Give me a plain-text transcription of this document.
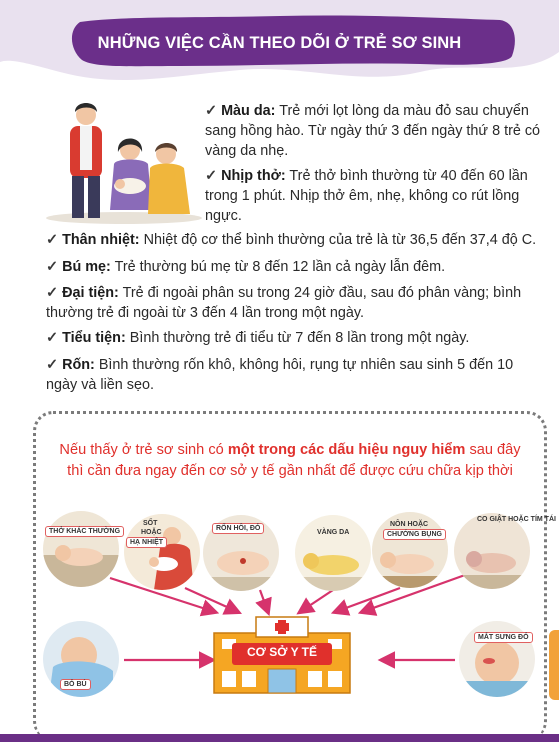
NHỮNG VIỆC CẦN THEO DÕI Ở TRẺ SƠ SINH
✓ Màu da: Trẻ mới lọt lòng da màu đỏ sau chuyển sang hồng hào. Từ ngày thứ 3 đến ngày thứ 8 trẻ có vàng da nhẹ.
✓ Nhịp thở: Trẻ thở bình thường từ 40 đến 60 lần trong 1 phút. Nhịp thở êm, nhẹ, không co rút lồng ngực.
✓ Thân nhiệt: Nhiệt độ cơ thể bình thường của trẻ là từ 36,5 đến 37,4 độ C.
✓ Bú mẹ: Trẻ thường bú mẹ từ 8 đến 12 lần cả ngày lẫn đêm.
✓ Đại tiện: Trẻ đi ngoài phân su trong 24 giờ đầu, sau đó phân vàng; bình thường trẻ đi ngoài từ 3 đến 4 lần trong một ngày.
✓ Tiểu tiện: Bình thường trẻ đi tiểu từ 7 đến 8 lần trong một ngày.
✓ Rốn: Bình thường rốn khô, không hôi, rụng tự nhiên sau sinh 5 đến 10 ngày và liền sẹo.
Nếu thấy ở trẻ sơ sinh có một trong các dấu hiệu nguy hiểm sau đây
thì cần đưa ngay đến cơ sở y tế gần nhất để được cứu chữa kịp thời
THỞ KHÁC THƯỜNG
SỐT
HOẶC
HẠ NHIỆT
RỐN HÔI, ĐỎ
VÀNG DA
NÔN HOẶC
CHƯỚNG BỤNG
CO GIẬT HOẶC TÍM TÁI
BỎ BÚ
MẮT SƯNG ĐỎ
CƠ SỞ Y TẾ
